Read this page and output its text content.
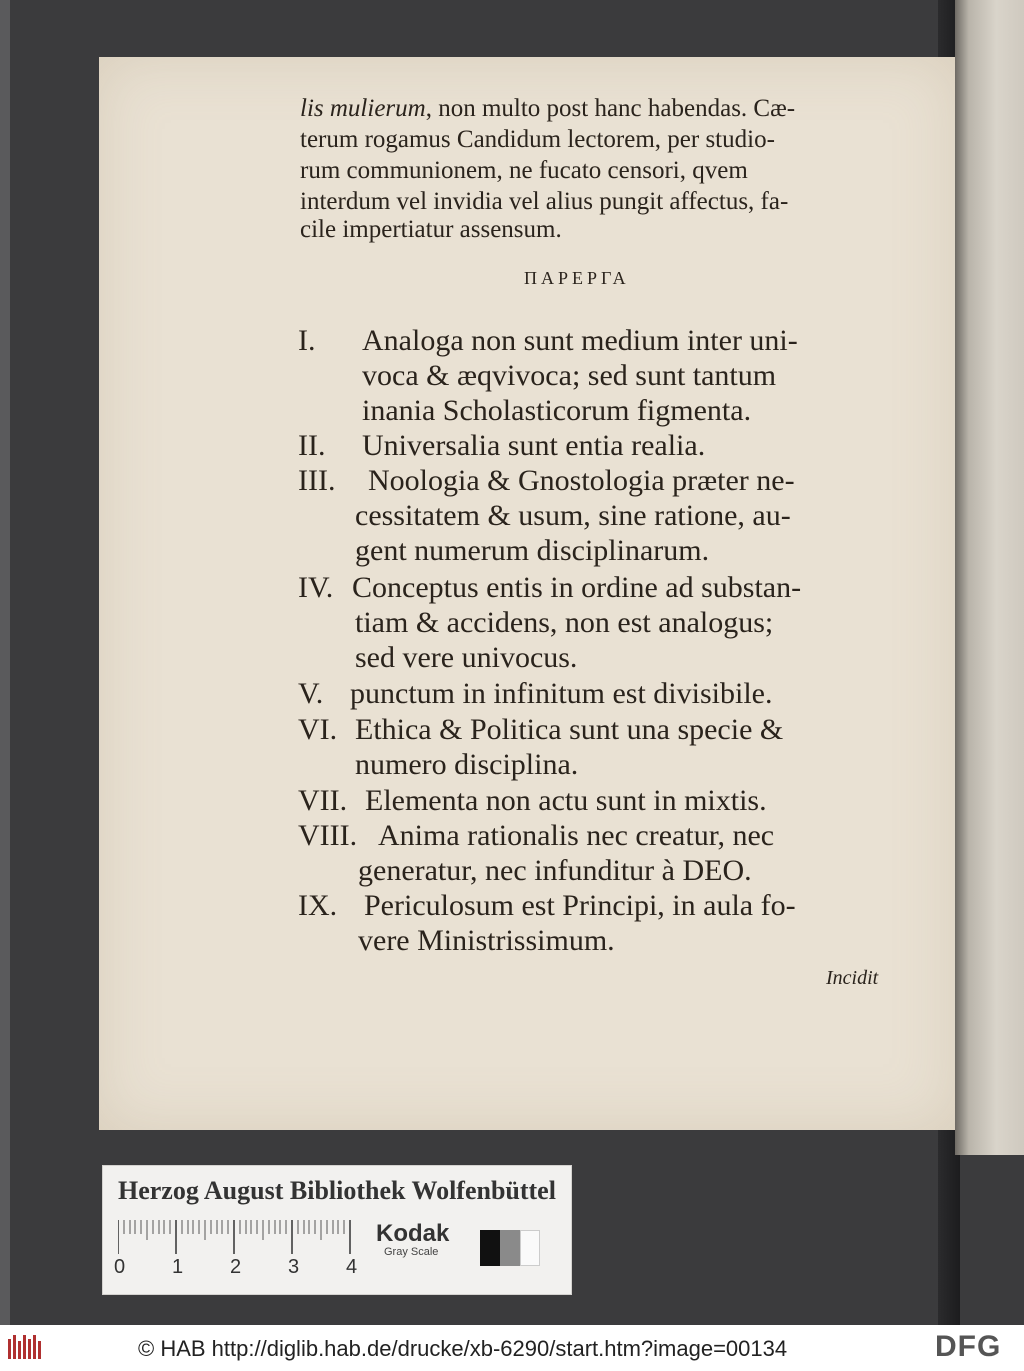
lis mulierum, non multo post hanc habendas. Cæ-
terum rogamus Candidum lectorem, per studio-
rum communionem, ne fucato censori, qvem
interdum vel invidia vel alius pungit affectus, fa-
cile impertiatur assensum.
ΠΑΡΕΡΓΑ
I. Analoga non sunt medium inter uni-
voca & æqvivoca; sed sunt tantum
inania Scholasticorum figmenta.
II. Universalia sunt entia realia.
III. Noologia & Gnostologia præter ne-
cessitatem & usum, sine ratione, au-
gent numerum disciplinarum.
IV. Conceptus entis in ordine ad substan-
tiam & accidens, non est analogus;
sed vere univocus.
V. punctum in infinitum est divisibile.
VI. Ethica & Politica sunt una specie &
numero disciplina.
VII. Elementa non actu sunt in mixtis.
VIII. Anima rationalis nec creatur, nec
generatur, nec infunditur à DEO.
IX. Periculosum est Principi, in aula fo-
vere Ministrissimum.
Incidit
Herzog August Bibliothek Wolfenbüttel
0 1 2 3 4
Kodak
Gray Scale
© HAB http://diglib.hab.de/drucke/xb-6290/start.htm?image=00134	DFG
